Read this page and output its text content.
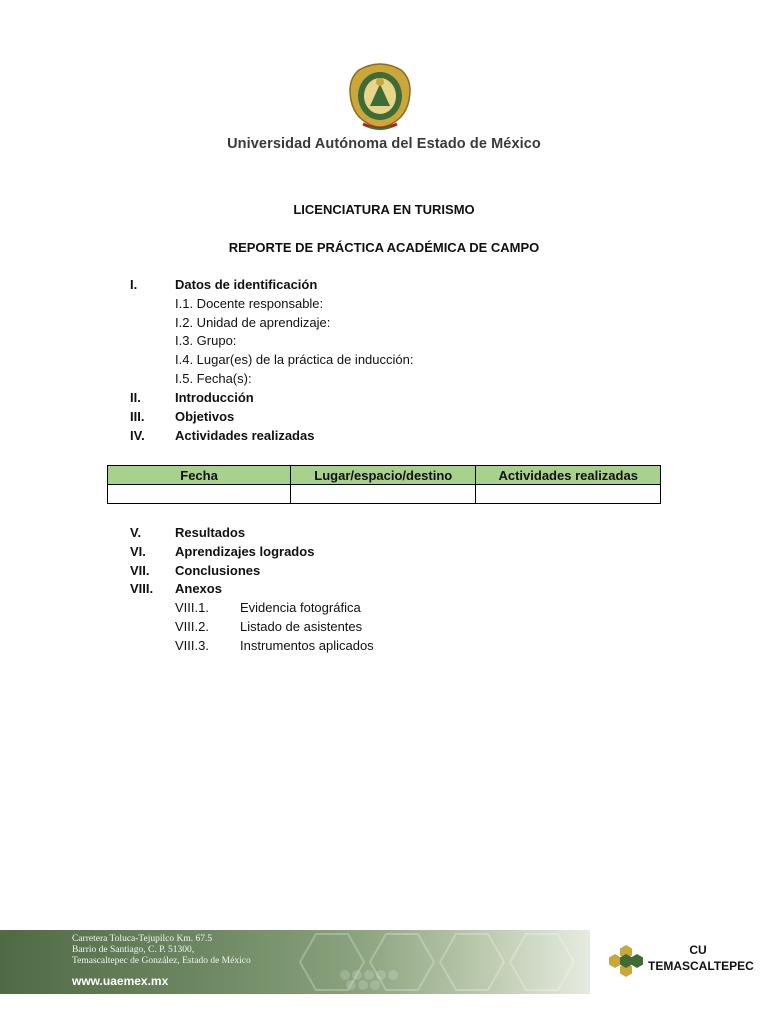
Universidad Autónoma del Estado de México
LICENCIATURA EN TURISMO
REPORTE DE PRÁCTICA ACADÉMICA DE CAMPO
I.	Datos de identificación
I.1. Docente responsable:
I.2. Unidad de aprendizaje:
I.3. Grupo:
I.4. Lugar(es) de la práctica de inducción:
I.5. Fecha(s):
II.	Introducción
III. Objetivos
IV. Actividades realizadas
Fecha	Lugar/espacio/destino	Actividades realizadas

V.	Resultados
VI. Aprendizajes logrados
VII. Conclusiones
VIII. Anexos
VIII.1. Evidencia fotográfica
VIII.2. Listado de asistentes
VIII.3. Instrumentos aplicados
Carretera Toluca-Tejupilco Km. 67.5
Barrio de Santiago, C. P. 51300,
Temascaltepec de González, Estado de México
www.uaemex.mx
CU
TEMASCALTEPEC
